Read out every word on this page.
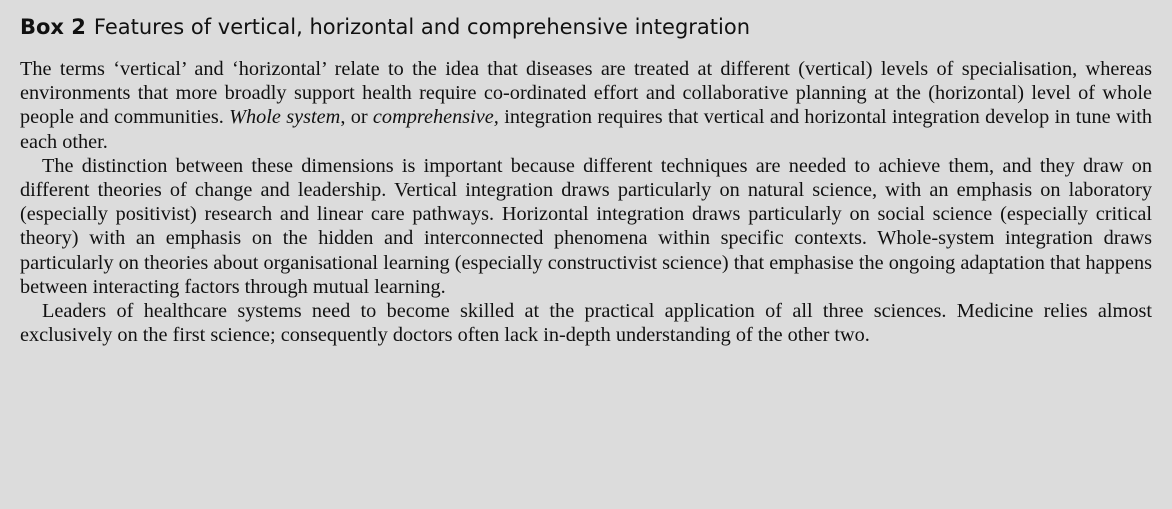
Box 2 Features of vertical, horizontal and comprehensive integration

The terms ‘vertical’ and ‘horizontal’ relate to the idea that diseases are treated at different (vertical) levels of specialisation, whereas environments that more broadly support health require co-ordinated effort and collaborative planning at the (horizontal) level of whole people and communities. Whole system, or comprehensive, integration requires that vertical and horizontal integration develop in tune with each other.

The distinction between these dimensions is important because different techniques are needed to achieve them, and they draw on different theories of change and leadership. Vertical integration draws particularly on natural science, with an emphasis on laboratory (especially positivist) research and linear care pathways. Horizontal integration draws particularly on social science (especially critical theory) with an emphasis on the hidden and interconnected phenomena within specific contexts. Whole-system integration draws particularly on theories about organisational learning (especially constructivist science) that emphasise the ongoing adaptation that happens between interacting factors through mutual learning.

Leaders of healthcare systems need to become skilled at the practical application of all three sciences. Medicine relies almost exclusively on the first science; consequently doctors often lack in-depth understanding of the other two.
